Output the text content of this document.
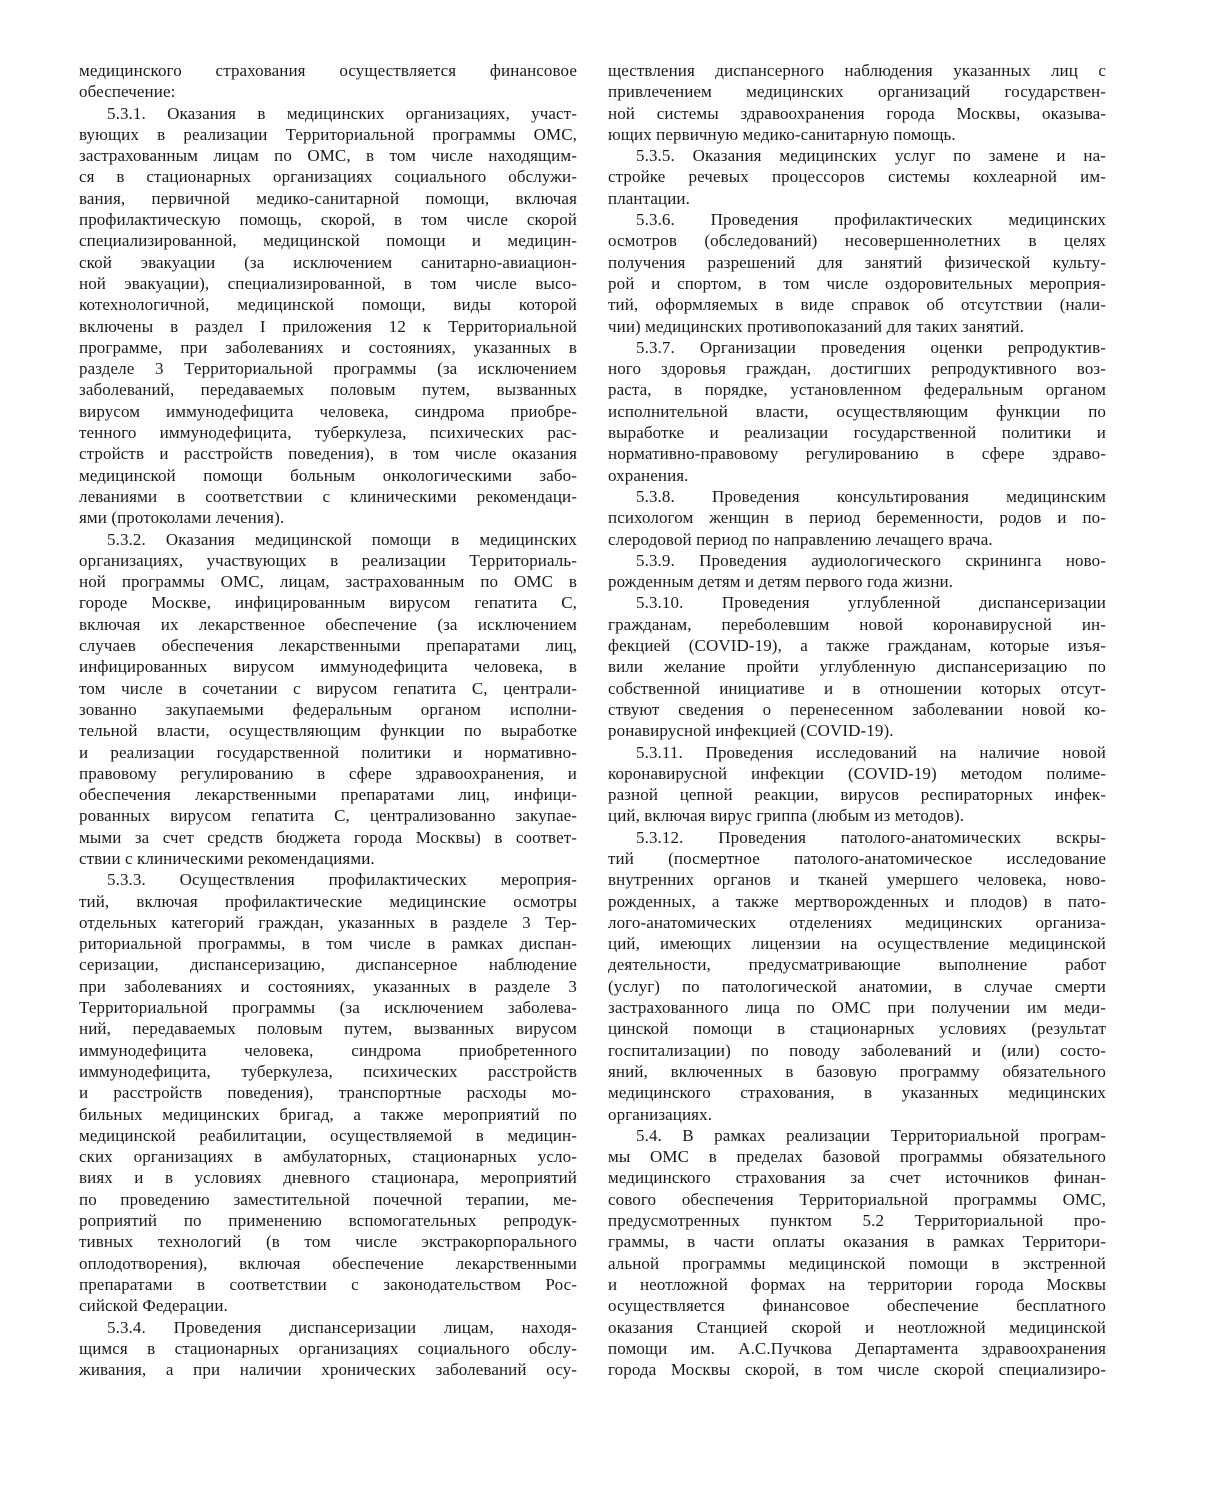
медицинского страхования осуществляется финансовое
обеспечение:
5.3.1. Оказания в медицинских организациях, участ-
вующих в реализации Территориальной программы ОМС,
застрахованным лицам по ОМС, в том числе находящим-
ся в стационарных организациях социального обслужи-
вания, первичной медико-санитарной помощи, включая
профилактическую помощь, скорой, в том числе скорой
специализированной, медицинской помощи и медицин-
ской эвакуации (за исключением санитарно-авиацион-
ной эвакуации), специализированной, в том числе высо-
котехнологичной, медицинской помощи, виды которой
включены в раздел I приложения 12 к Территориальной
программе, при заболеваниях и состояниях, указанных в
разделе 3 Территориальной программы (за исключением
заболеваний, передаваемых половым путем, вызванных
вирусом иммунодефицита человека, синдрома приобре-
тенного иммунодефицита, туберкулеза, психических рас-
стройств и расстройств поведения), в том числе оказания
медицинской помощи больным онкологическими забо-
леваниями в соответствии с клиническими рекомендаци-
ями (протоколами лечения).
5.3.2. Оказания медицинской помощи в медицинских
организациях, участвующих в реализации Территориаль-
ной программы ОМС, лицам, застрахованным по ОМС в
городе Москве, инфицированным вирусом гепатита С,
включая их лекарственное обеспечение (за исключением
случаев обеспечения лекарственными препаратами лиц,
инфицированных вирусом иммунодефицита человека, в
том числе в сочетании с вирусом гепатита С, централи-
зованно закупаемыми федеральным органом исполни-
тельной власти, осуществляющим функции по выработке
и реализации государственной политики и нормативно-
правовому регулированию в сфере здравоохранения, и
обеспечения лекарственными препаратами лиц, инфици-
рованных вирусом гепатита С, централизованно закупае-
мыми за счет средств бюджета города Москвы) в соответ-
ствии с клиническими рекомендациями.
5.3.3. Осуществления профилактических мероприя-
тий, включая профилактические медицинские осмотры
отдельных категорий граждан, указанных в разделе 3 Тер-
риториальной программы, в том числе в рамках диспан-
серизации, диспансеризацию, диспансерное наблюдение
при заболеваниях и состояниях, указанных в разделе 3
Территориальной программы (за исключением заболева-
ний, передаваемых половым путем, вызванных вирусом
иммунодефицита человека, синдрома приобретенного
иммунодефицита, туберкулеза, психических расстройств
и расстройств поведения), транспортные расходы мо-
бильных медицинских бригад, а также мероприятий по
медицинской реабилитации, осуществляемой в медицин-
ских организациях в амбулаторных, стационарных усло-
виях и в условиях дневного стационара, мероприятий
по проведению заместительной почечной терапии, ме-
роприятий по применению вспомогательных репродук-
тивных технологий (в том числе экстракорпорального
оплодотворения), включая обеспечение лекарственными
препаратами в соответствии с законодательством Рос-
сийской Федерации.
5.3.4. Проведения диспансеризации лицам, находя-
щимся в стационарных организациях социального обслу-
живания, а при наличии хронических заболеваний осу-
ществления диспансерного наблюдения указанных лиц с
привлечением медицинских организаций государствен-
ной системы здравоохранения города Москвы, оказыва-
ющих первичную медико-санитарную помощь.
5.3.5. Оказания медицинских услуг по замене и на-
стройке речевых процессоров системы кохлеарной им-
плантации.
5.3.6. Проведения профилактических медицинских
осмотров (обследований) несовершеннолетних в целях
получения разрешений для занятий физической культу-
рой и спортом, в том числе оздоровительных мероприя-
тий, оформляемых в виде справок об отсутствии (нали-
чии) медицинских противопоказаний для таких занятий.
5.3.7. Организации проведения оценки репродуктив-
ного здоровья граждан, достигших репродуктивного воз-
раста, в порядке, установленном федеральным органом
исполнительной власти, осуществляющим функции по
выработке и реализации государственной политики и
нормативно-правовому регулированию в сфере здраво-
охранения.
5.3.8. Проведения консультирования медицинским
психологом женщин в период беременности, родов и по-
слеродовой период по направлению лечащего врача.
5.3.9. Проведения аудиологического скрининга ново-
рожденным детям и детям первого года жизни.
5.3.10. Проведения углубленной диспансеризации
гражданам, переболевшим новой коронавирусной ин-
фекцией (COVID-19), а также гражданам, которые изъя-
вили желание пройти углубленную диспансеризацию по
собственной инициативе и в отношении которых отсут-
ствуют сведения о перенесенном заболевании новой ко-
ронавирусной инфекцией (COVID-19).
5.3.11. Проведения исследований на наличие новой
коронавирусной инфекции (COVID-19) методом полиме-
разной цепной реакции, вирусов респираторных инфек-
ций, включая вирус гриппа (любым из методов).
5.3.12. Проведения патолого-анатомических вскры-
тий (посмертное патолого-анатомическое исследование
внутренних органов и тканей умершего человека, ново-
рожденных, а также мертворожденных и плодов) в пато-
лого-анатомических отделениях медицинских организа-
ций, имеющих лицензии на осуществление медицинской
деятельности, предусматривающие выполнение работ
(услуг) по патологической анатомии, в случае смерти
застрахованного лица по ОМС при получении им меди-
цинской помощи в стационарных условиях (результат
госпитализации) по поводу заболеваний и (или) состо-
яний, включенных в базовую программу обязательного
медицинского страхования, в указанных медицинских
организациях.
5.4. В рамках реализации Территориальной програм-
мы ОМС в пределах базовой программы обязательного
медицинского страхования за счет источников финан-
сового обеспечения Территориальной программы ОМС,
предусмотренных пунктом 5.2 Территориальной про-
граммы, в части оплаты оказания в рамках Территори-
альной программы медицинской помощи в экстренной
и неотложной формах на территории города Москвы
осуществляется финансовое обеспечение бесплатного
оказания Станцией скорой и неотложной медицинской
помощи им. А.С.Пучкова Департамента здравоохранения
города Москвы скорой, в том числе скорой специализиро-
